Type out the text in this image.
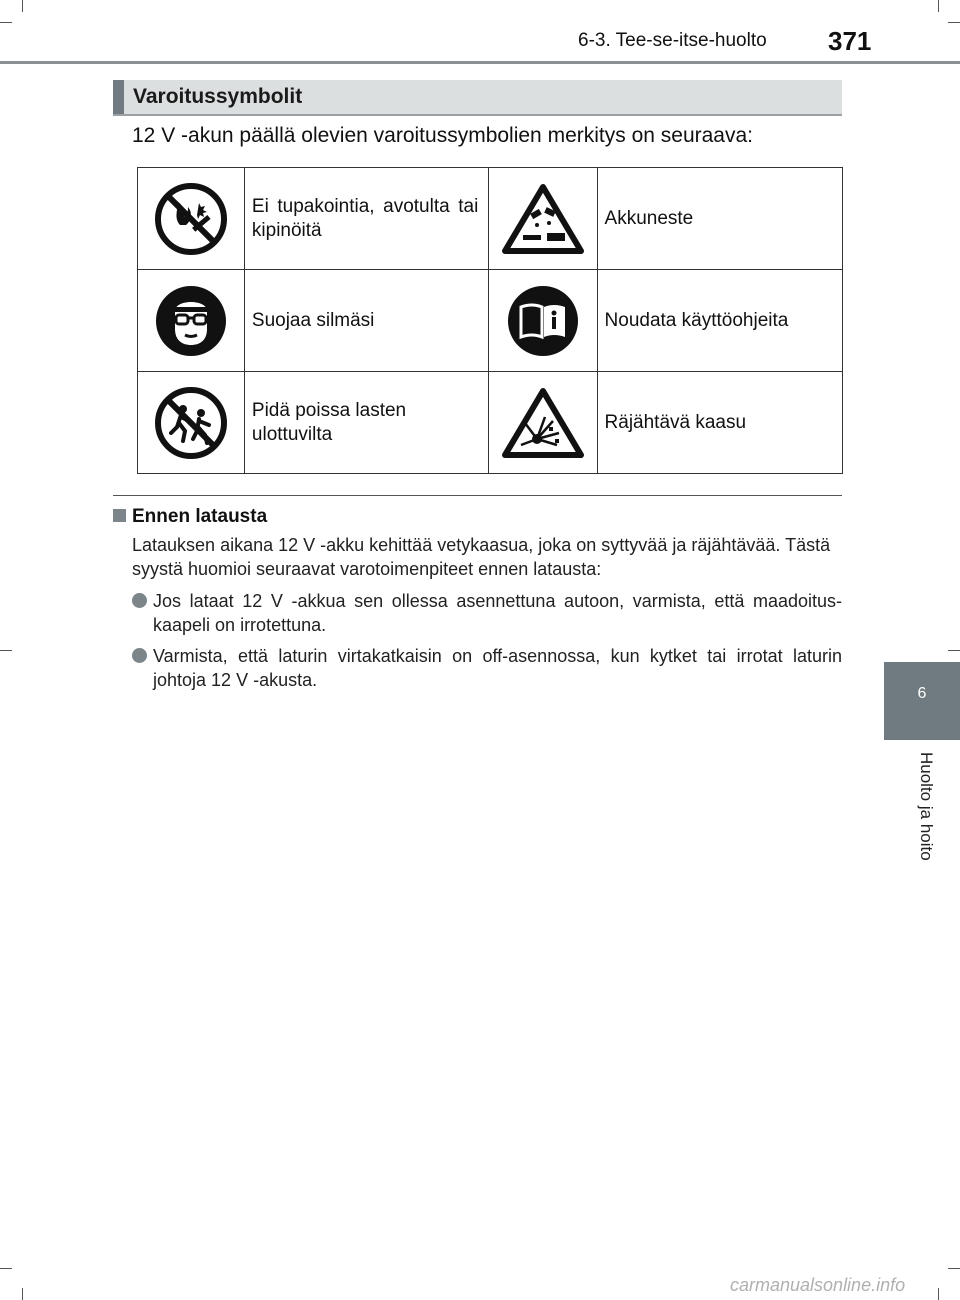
6-3. Tee-se-itse-huolto 371
6
Huolto ja hoito
Varoitussymbolit
12 V -akun päällä olevien varoitussymbolien merkitys on seuraava:
	Ei tupakointia, avotulta tai kipinöitä		Akkuneste

	Suojaa silmäsi		Noudata käyttöohjeita

	Pidä poissa lasten ulottuvilta		Räjähtävä kaasu
Ennen latausta
Latauksen aikana 12 V -akku kehittää vetykaasua, joka on syttyvää ja räjähtävää. Tästä syystä huomioi seuraavat varotoimenpiteet ennen latausta:
Jos lataat 12 V -akkua sen ollessa asennettuna autoon, varmista, että maadoitus-kaapeli on irrotettuna.
Varmista, että laturin virtakatkaisin on off-asennossa, kun kytket tai irrotat laturin johtoja 12 V -akusta.
carmanualsonline.info
